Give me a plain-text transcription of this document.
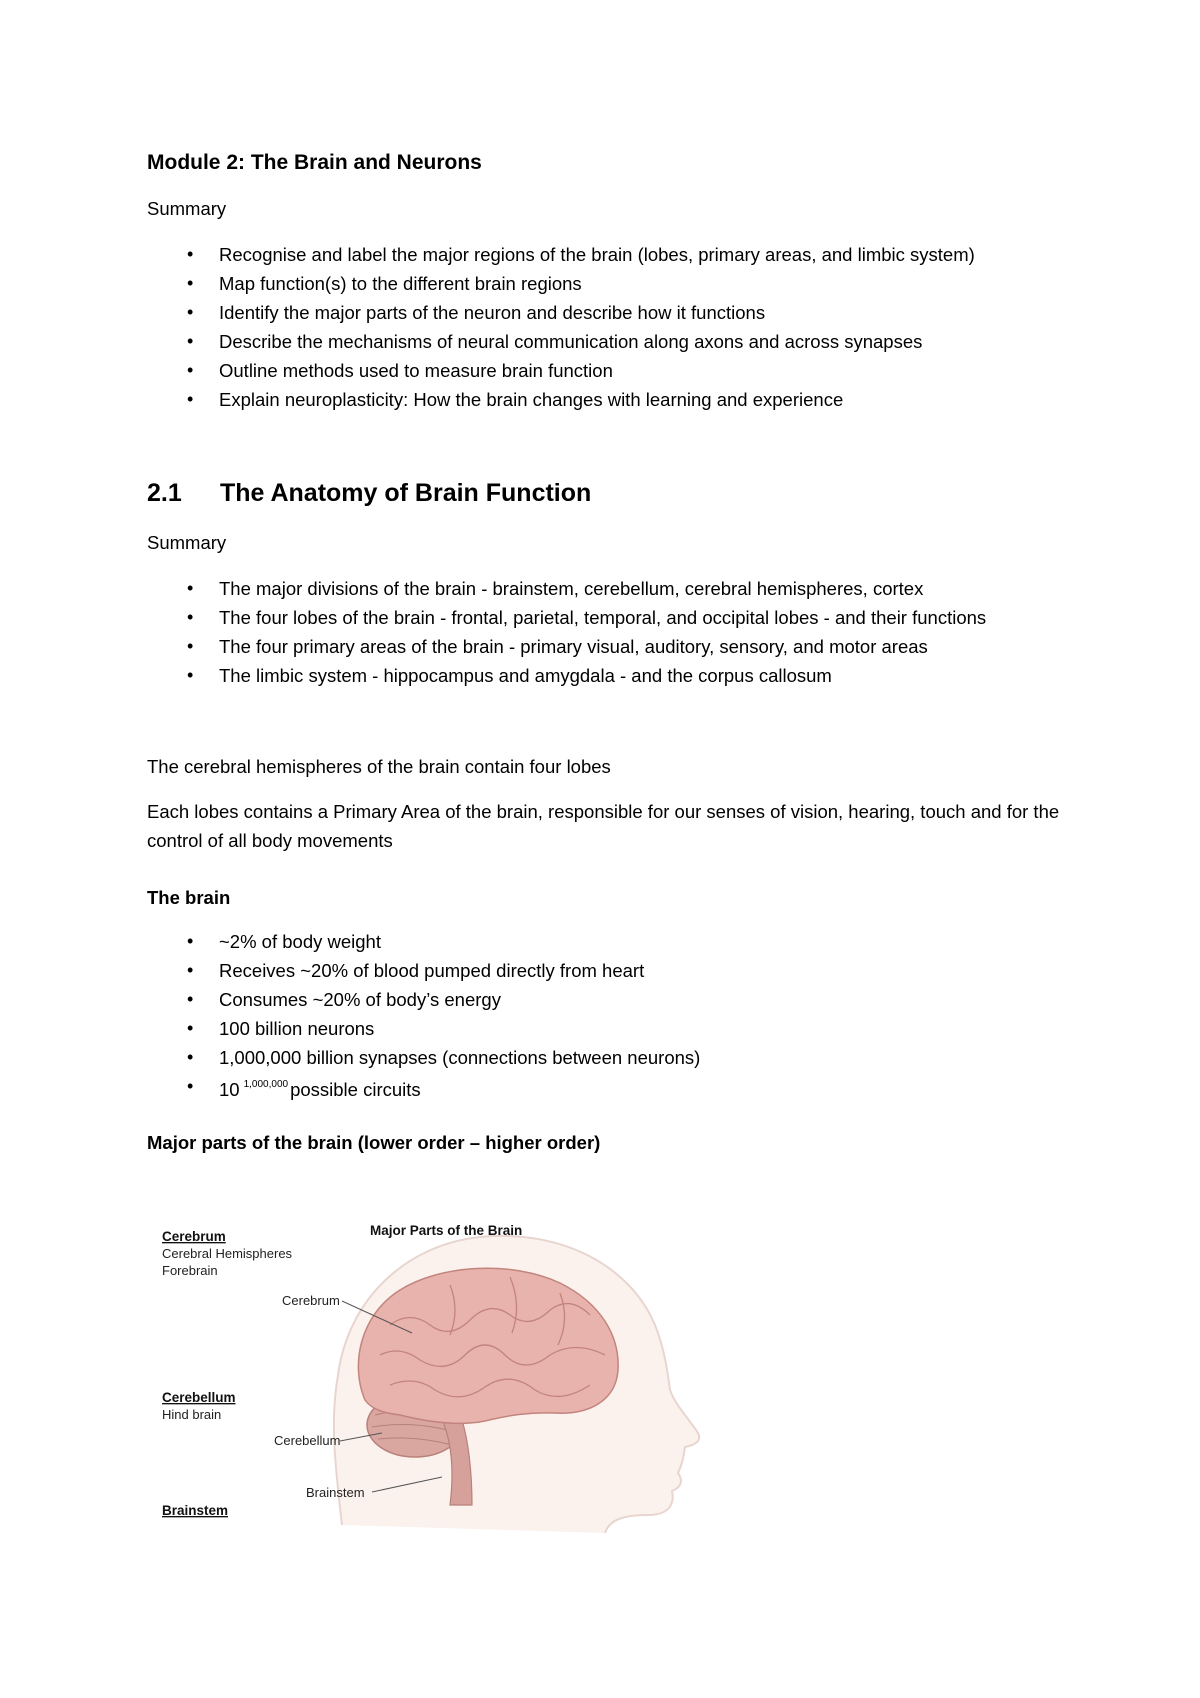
Module 2: The Brain and Neurons
Summary
• Recognise and label the major regions of the brain (lobes, primary areas, and limbic system)
• Map function(s) to the different brain regions
• Identify the major parts of the neuron and describe how it functions
• Describe the mechanisms of neural communication along axons and across synapses
• Outline methods used to measure brain function
• Explain neuroplasticity: How the brain changes with learning and experience
2.1	The Anatomy of Brain Function
Summary
• The major divisions of the brain - brainstem, cerebellum, cerebral hemispheres, cortex
• The four lobes of the brain - frontal, parietal, temporal, and occipital lobes - and their functions
• The four primary areas of the brain - primary visual, auditory, sensory, and motor areas
• The limbic system - hippocampus and amygdala - and the corpus callosum
The cerebral hemispheres of the brain contain four lobes
Each lobes contains a Primary Area of the brain, responsible for our senses of vision, hearing, touch and for the control of all body movements
The brain
• ~2% of body weight
• Receives ~20% of blood pumped directly from heart
• Consumes ~20% of body’s energy
• 100 billion neurons
• 1,000,000 billion synapses (connections between neurons)
• 10 $^{1,000,000}$ possible circuits
Major parts of the brain (lower order – higher order)
Major Parts of the Brain
Cerebrum
Cerebral Hemispheres
Forebrain
Cerebellum
Hind brain
Brainstem
Cerebrum
Cerebellum
Brainstem
